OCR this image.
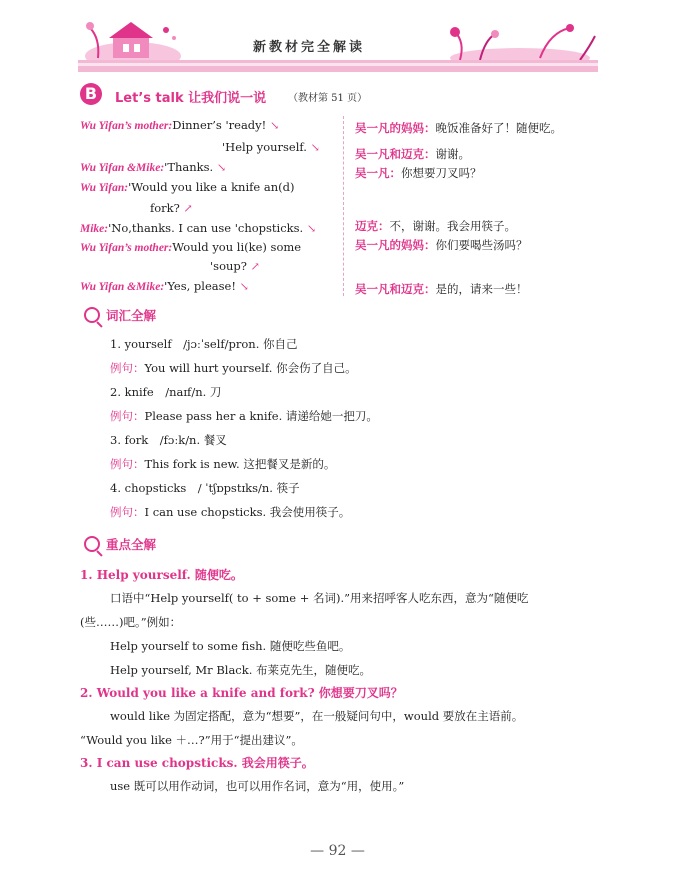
新教材完全解读
B	Let’s talk 让我们说一说 （教材第 51 页）
Wu Yifan’s mother:Dinner’s 'ready! ↘
'Help yourself. ↘
Wu Yifan &Mike:'Thanks. ↘
Wu Yifan:'Would you like a knife an(d)
fork? ↗
Mike:'No,thanks. I can use 'chopsticks. ↘
Wu Yifan’s mother:Would you li(ke) some
'soup? ↗
Wu Yifan &Mike:'Yes, please! ↘
吴一凡的妈妈：晚饭准备好了！随便吃。
吴一凡和迈克：谢谢。
吴一凡：你想要刀叉吗？
迈克：不，谢谢。我会用筷子。
吴一凡的妈妈：你们要喝些汤吗？
吴一凡和迈克：是的，请来一些！
词汇全解
1. yourself　/jɔːˈself/pron. 你自己
例句：You will hurt yourself. 你会伤了自己。
2. knife　/naɪf/n. 刀
例句：Please pass her a knife. 请递给她一把刀。
3. fork　/fɔːk/n. 餐叉
例句：This fork is new. 这把餐叉是新的。
4. chopsticks　/ ˈtʃɒpstɪks/n. 筷子
例句：I can use chopsticks. 我会使用筷子。
重点全解
1. Help yourself. 随便吃。
口语中“Help yourself( to + some + 名词).”用来招呼客人吃东西，意为“随便吃
(些……)吧。”例如：
Help yourself to some fish. 随便吃些鱼吧。
Help yourself, Mr Black. 布莱克先生，随便吃。
2. Would you like a knife and fork? 你想要刀叉吗？
would like 为固定搭配，意为“想要”，在一般疑问句中，would 要放在主语前。
“Would you like ＋…?”用于“提出建议”。
3. I can use chopsticks. 我会用筷子。
use 既可以用作动词，也可以用作名词，意为“用，使用。”
— 92 —
